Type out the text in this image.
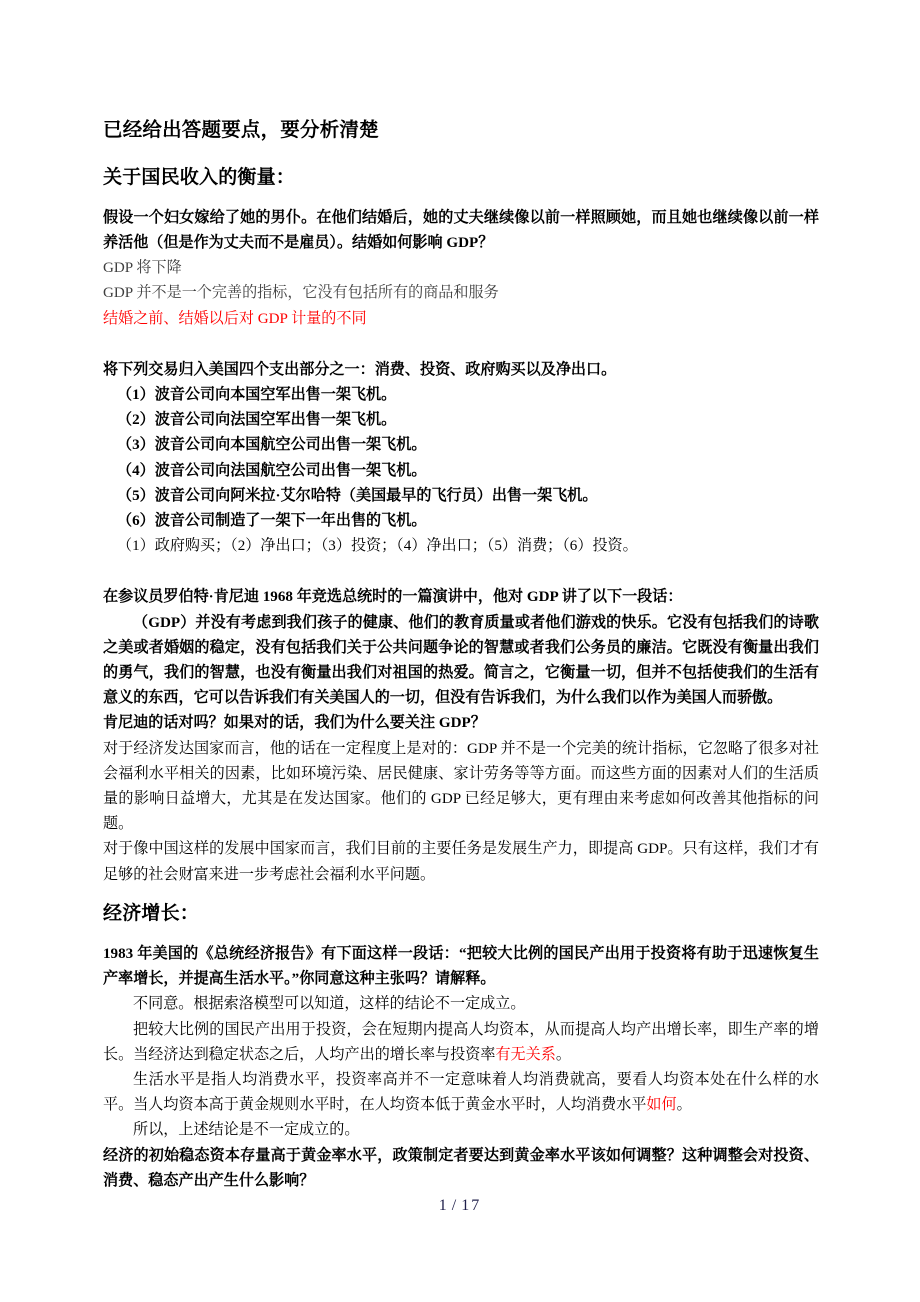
已经给出答题要点，要分析清楚
关于国民收入的衡量：
假设一个妇女嫁给了她的男仆。在他们结婚后，她的丈夫继续像以前一样照顾她，而且她也继续像以前一样养活他（但是作为丈夫而不是雇员）。结婚如何影响 GDP？
GDP 将下降
GDP 并不是一个完善的指标，它没有包括所有的商品和服务
结婚之前、结婚以后对 GDP 计量的不同
将下列交易归入美国四个支出部分之一：消费、投资、政府购买以及净出口。
（1）波音公司向本国空军出售一架飞机。
（2）波音公司向法国空军出售一架飞机。
（3）波音公司向本国航空公司出售一架飞机。
（4）波音公司向法国航空公司出售一架飞机。
（5）波音公司向阿米拉·艾尔哈特（美国最早的飞行员）出售一架飞机。
（6）波音公司制造了一架下一年出售的飞机。
（1）政府购买；（2）净出口；（3）投资；（4）净出口；（5）消费；（6）投资。
在参议员罗伯特·肯尼迪 1968 年竞选总统时的一篇演讲中，他对 GDP 讲了以下一段话：
（GDP）并没有考虑到我们孩子的健康、他们的教育质量或者他们游戏的快乐。它没有包括我们的诗歌之美或者婚姻的稳定，没有包括我们关于公共问题争论的智慧或者我们公务员的廉洁。它既没有衡量出我们的勇气，我们的智慧，也没有衡量出我们对祖国的热爱。简言之，它衡量一切，但并不包括使我们的生活有意义的东西，它可以告诉我们有关美国人的一切，但没有告诉我们，为什么我们以作为美国人而骄傲。
肯尼迪的话对吗？如果对的话，我们为什么要关注 GDP？
对于经济发达国家而言，他的话在一定程度上是对的：GDP 并不是一个完美的统计指标，它忽略了很多对社会福利水平相关的因素，比如环境污染、居民健康、家计劳务等等方面。而这些方面的因素对人们的生活质量的影响日益增大，尤其是在发达国家。他们的 GDP 已经足够大，更有理由来考虑如何改善其他指标的问题。
对于像中国这样的发展中国家而言，我们目前的主要任务是发展生产力，即提高 GDP。只有这样，我们才有足够的社会财富来进一步考虑社会福利水平问题。
经济增长：
1983 年美国的《总统经济报告》有下面这样一段话：“把较大比例的国民产出用于投资将有助于迅速恢复生产率增长，并提高生活水平。”你同意这种主张吗？请解释。
不同意。根据索洛模型可以知道，这样的结论不一定成立。
把较大比例的国民产出用于投资，会在短期内提高人均资本，从而提高人均产出增长率，即生产率的增长。当经济达到稳定状态之后，人均产出的增长率与投资率有无关系。
生活水平是指人均消费水平，投资率高并不一定意味着人均消费就高，要看人均资本处在什么样的水平。当人均资本高于黄金规则水平时，在人均资本低于黄金水平时，人均消费水平如何。
所以，上述结论是不一定成立的。
经济的初始稳态资本存量高于黄金率水平，政策制定者要达到黄金率水平该如何调整？这种调整会对投资、消费、稳态产出产生什么影响？
1 / 17
